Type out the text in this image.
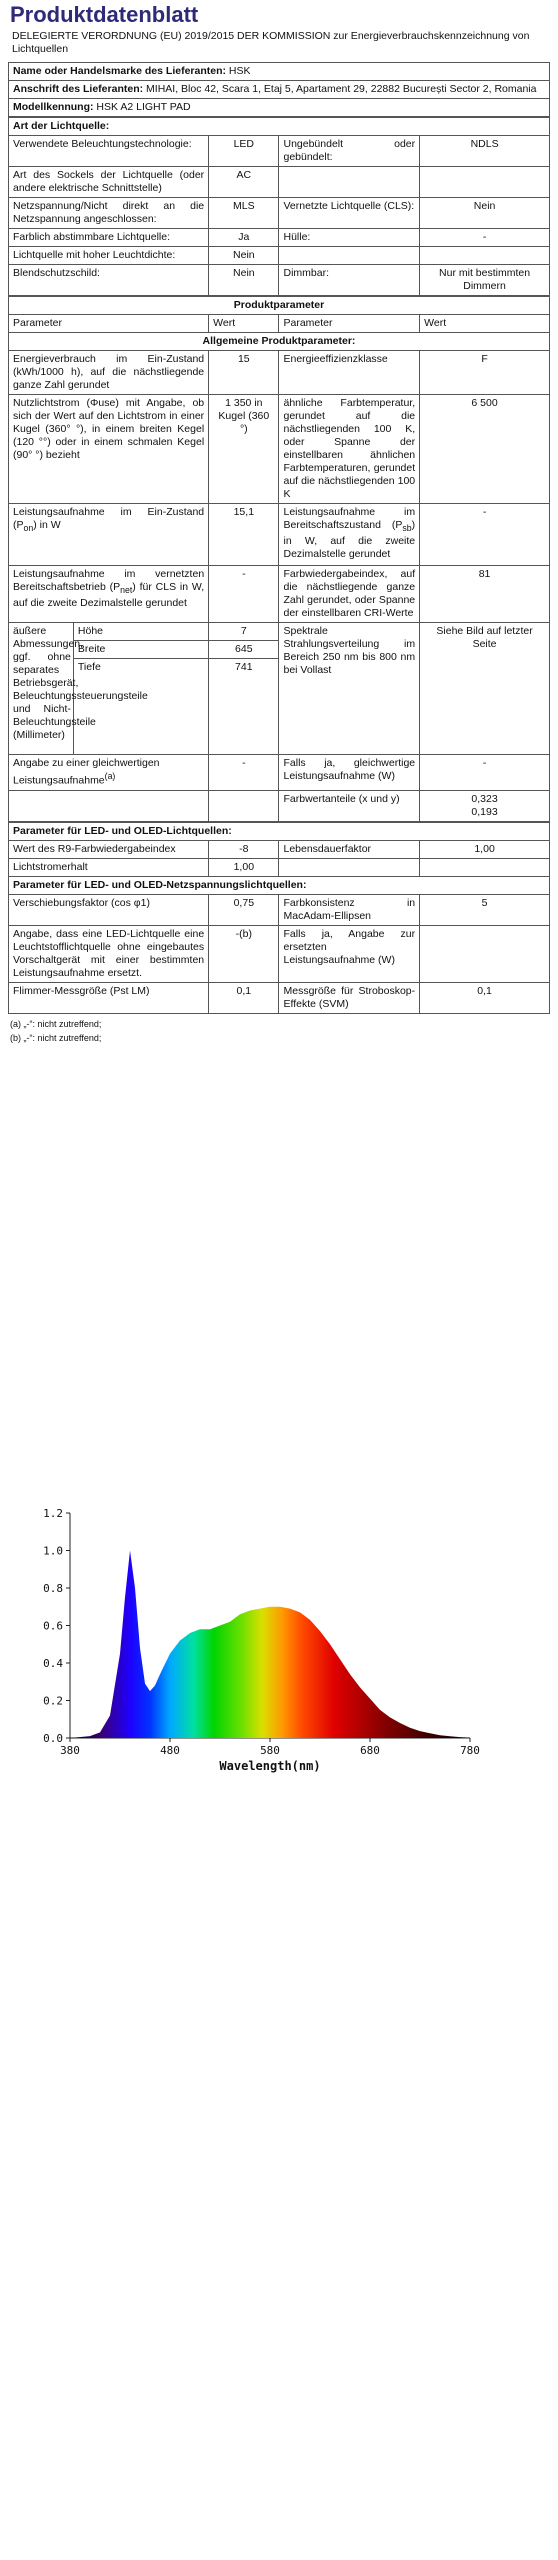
Produktdatenblatt
DELEGIERTE VERORDNUNG (EU) 2019/2015 DER KOMMISSION zur Energieverbrauchskennzeichnung von Lichtquellen
Name oder Handelsmarke des Lieferanten: HSK
Anschrift des Lieferanten: MIHAI, Bloc 42, Scara 1, Etaj 5, Apartament 29, 22882 București Sector 2, Romania
Modellkennung: HSK A2 LIGHT PAD
Art der Lichtquelle:			
Verwendete Beleuchtungstechnologie:	LED	Ungebündelt oder gebündelt:	NDLS
Art des Sockels der Lichtquelle (oder andere elektrische Schnittstelle)	AC		
Netzspannung/Nicht direkt an die Netzspannung angeschlossen:	MLS	Vernetzte Lichtquelle (CLS):	Nein
Farblich abstimmbare Lichtquelle:	Ja	Hülle:	-
Lichtquelle mit hoher Leuchtdichte:	Nein		
Blendschutzschild:	Nein	Dimmbar:	Nur mit bestimmten Dimmern
Produktparameter				
Parameter		Wert	Parameter	Wert
Allgemeine Produktparameter:				
Energieverbrauch im Ein-Zustand (kWh/1000 h), auf die nächstliegende ganze Zahl gerundet		15	Energieeffizienzklasse	F
Nutzlichtstrom (Φuse) mit Angabe, ob sich der Wert auf den Lichtstrom in einer Kugel (360° °), in einem breiten Kegel (120 °°) oder in einem schmalen Kegel (90° °) bezieht		1 350 in Kugel (360 °)	ähnliche Farbtemperatur, gerundet auf die nächstliegenden 100 K, oder Spanne der einstellbaren ähnlichen Farbtemperaturen, gerundet auf die nächstliegenden 100 K	6 500
Leistungsaufnahme im Ein-Zustand $(P_{on})$ in W		15,1	Leistungsaufnahme im Bereitschaftszustand $(P_{sb})$ in W, auf die zweite Dezimalstelle gerundet	-
Leistungsaufnahme im vernetzten Bereitschaftsbetrieb $(P_{net})$ für CLS in W, auf die zweite Dezimalstelle gerundet		-	Farbwiedergabeindex, auf die nächstliegende ganze Zahl gerundet, oder Spanne der einstellbaren CRI-Werte	81
äußere Abmessungen, ggf. ohne separates Betriebsgerät, Beleuchtungssteuerungsteile und Nicht-Beleuchtungsteile (Millimeter)	Höhe	7	Spektrale Strahlungsverteilung im Bereich 250 nm bis 800 nm bei Vollast	Siehe Bild auf letzter Seite
	Breite	645		
	Tiefe	741		
Angabe zu einer gleichwertigen Leistungsaufnahme$^{(a)}$		-	Falls ja, gleichwertige Leistungsaufnahme (W)	-
			Farbwertanteile (x und y)	0,323
0,193
Parameter für LED- und OLED-Lichtquellen:			
Wert des R9-Farbwiedergabeindex	-8	Lebensdauerfaktor	1,00
Lichtstromerhalt	1,00		
Parameter für LED- und OLED-Netzspannungslichtquellen:			
Verschiebungsfaktor (cos φ1)	0,75	Farbkonsistenz in MacAdam-Ellipsen	5
Angabe, dass eine LED-Lichtquelle eine Leuchtstofflichtquelle ohne eingebautes Vorschaltgerät mit einer bestimmten Leistungsaufnahme ersetzt.	-(b)	Falls ja, Angabe zur ersetzten Leistungsaufnahme (W)	
Flimmer-Messgröße (Pst LM)	0,1	Messgröße für Stroboskop-Effekte (SVM)	0,1
(a) „-“: nicht zutreffend;
(b) „-“: nicht zutreffend;
0.0
0.2
0.4
0.6
0.8
1.0
1.2
380	480	580	680	780
Wavelength(nm)
